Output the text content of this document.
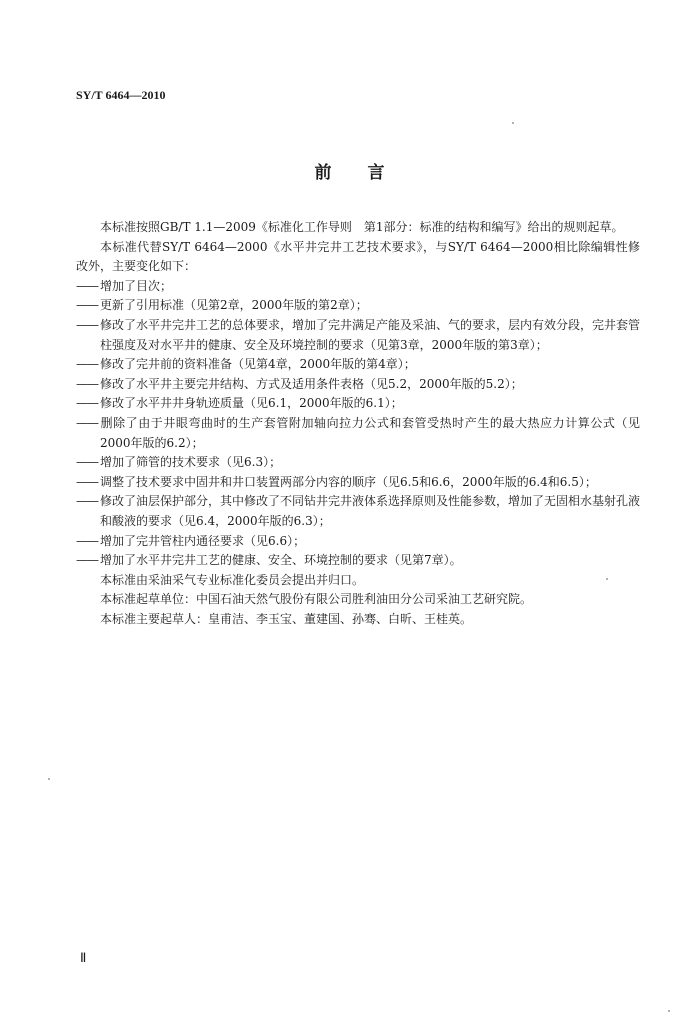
SY/T 6464—2010
前言

本标准按照GB/T 1.1—2009《标准化工作导则　第1部分：标准的结构和编写》给出的规则起草。

本标准代替SY/T 6464—2000《水平井完井工艺技术要求》，与SY/T 6464—2000相比除编辑性修改外，主要变化如下：

—— 增加了目次；
—— 更新了引用标准（见第2章，2000年版的第2章）；
—— 修改了水平井完井工艺的总体要求，增加了完井满足产能及采油、气的要求，层内有效分段，完井套管柱强度及对水平井的健康、安全及环境控制的要求（见第3章，2000年版的第3章）；
—— 修改了完井前的资料准备（见第4章，2000年版的第4章）；
—— 修改了水平井主要完井结构、方式及适用条件表格（见5.2，2000年版的5.2）；
—— 修改了水平井井身轨迹质量（见6.1，2000年版的6.1）；
—— 删除了由于井眼弯曲时的生产套管附加轴向拉力公式和套管受热时产生的最大热应力计算公式（见2000年版的6.2）；
—— 增加了筛管的技术要求（见6.3）；
—— 调整了技术要求中固井和井口装置两部分内容的顺序（见6.5和6.6，2000年版的6.4和6.5）；
—— 修改了油层保护部分，其中修改了不同钻井完井液体系选择原则及性能参数，增加了无固相水基射孔液和酸液的要求（见6.4，2000年版的6.3）；
—— 增加了完井管柱内通径要求（见6.6）；
—— 增加了水平井完井工艺的健康、安全、环境控制的要求（见第7章）。

本标准由采油采气专业标准化委员会提出并归口。

本标准起草单位：中国石油天然气股份有限公司胜利油田分公司采油工艺研究院。

本标准主要起草人：皇甫洁、李玉宝、董建国、孙骞、白昕、王桂英。

Ⅱ
